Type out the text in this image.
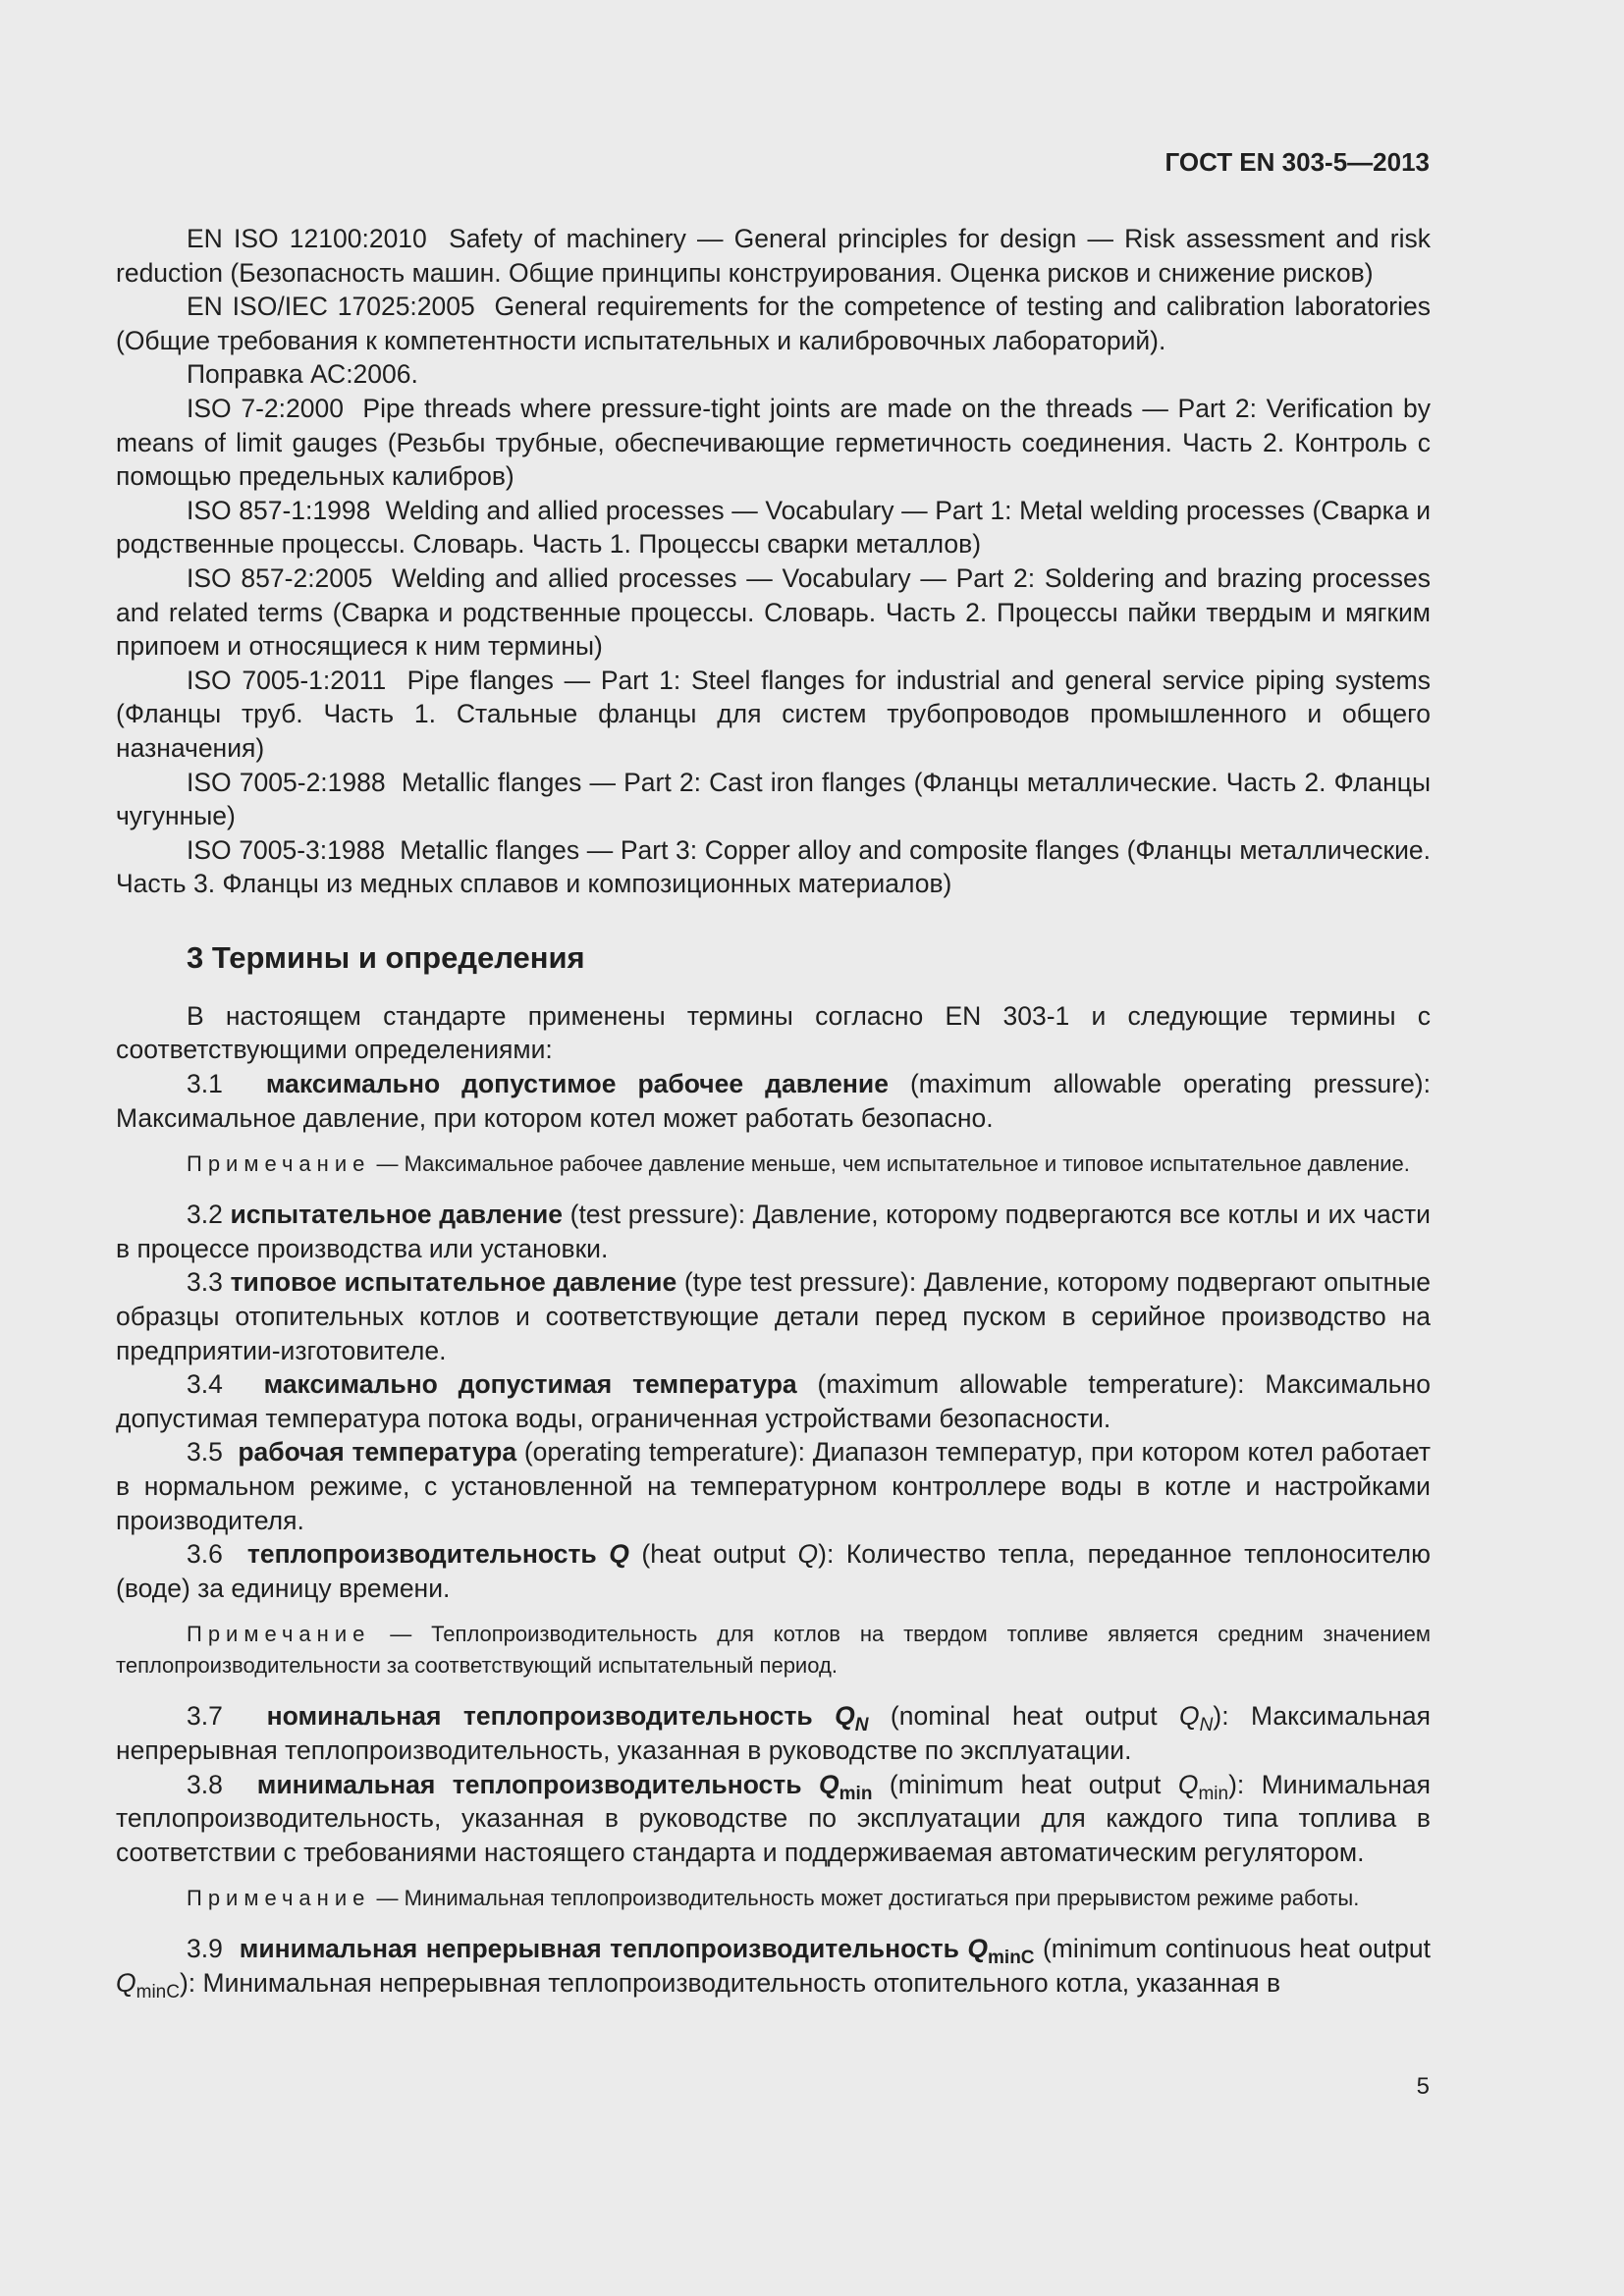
ГОСТ EN 303-5—2013

EN ISO 12100:2010 Safety of machinery — General principles for design — Risk assessment and risk reduction (Безопасность машин. Общие принципы конструирования. Оценка рисков и снижение рисков)

EN ISO/IEC 17025:2005 General requirements for the competence of testing and calibration laboratories (Общие требования к компетентности испытательных и калибровочных лабораторий).

Поправка АС:2006.

ISO 7-2:2000 Pipe threads where pressure-tight joints are made on the threads — Part 2: Verification by means of limit gauges (Резьбы трубные, обеспечивающие герметичность соединения. Часть 2. Контроль с помощью предельных калибров)

ISO 857-1:1998 Welding and allied processes — Vocabulary — Part 1: Metal welding processes (Сварка и родственные процессы. Словарь. Часть 1. Процессы сварки металлов)

ISO 857-2:2005 Welding and allied processes — Vocabulary — Part 2: Soldering and brazing processes and related terms (Сварка и родственные процессы. Словарь. Часть 2. Процессы пайки твердым и мягким припоем и относящиеся к ним термины)

ISO 7005-1:2011 Pipe flanges — Part 1: Steel flanges for industrial and general service piping systems (Фланцы труб. Часть 1. Стальные фланцы для систем трубопроводов промышленного и общего назначения)

ISO 7005-2:1988 Metallic flanges — Part 2: Cast iron flanges (Фланцы металлические. Часть 2. Фланцы чугунные)

ISO 7005-3:1988 Metallic flanges — Part 3: Copper alloy and composite flanges (Фланцы металлические. Часть 3. Фланцы из медных сплавов и композиционных материалов)

3 Термины и определения

В настоящем стандарте применены термины согласно EN 303-1 и следующие термины с соответствующими определениями:

3.1 максимально допустимое рабочее давление (maximum allowable operating pressure): Максимальное давление, при котором котел может работать безопасно.

Примечание — Максимальное рабочее давление меньше, чем испытательное и типовое испытательное давление.

3.2 испытательное давление (test pressure): Давление, которому подвергаются все котлы и их части в процессе производства или установки.

3.3 типовое испытательное давление (type test pressure): Давление, которому подвергают опытные образцы отопительных котлов и соответствующие детали перед пуском в серийное производство на предприятии-изготовителе.

3.4 максимально допустимая температура (maximum allowable temperature): Максимально допустимая температура потока воды, ограниченная устройствами безопасности.

3.5 рабочая температура (operating temperature): Диапазон температур, при котором котел работает в нормальном режиме, с установленной на температурном контроллере воды в котле и настройками производителя.

3.6 теплопроизводительность Q (heat output Q): Количество тепла, переданное теплоносителю (воде) за единицу времени.

Примечание — Теплопроизводительность для котлов на твердом топливе является средним значением теплопроизводительности за соответствующий испытательный период.

3.7 номинальная теплопроизводительность $Q_N$ (nominal heat output $Q_N$): Максимальная непрерывная теплопроизводительность, указанная в руководстве по эксплуатации.

3.8 минимальная теплопроизводительность $Q_{min}$ (minimum heat output $Q_{min}$): Минимальная теплопроизводительность, указанная в руководстве по эксплуатации для каждого типа топлива в соответствии с требованиями настоящего стандарта и поддерживаемая автоматическим регулятором.

Примечание — Минимальная теплопроизводительность может достигаться при прерывистом режиме работы.

3.9 минимальная непрерывная теплопроизводительность $Q_{minC}$ (minimum continuous heat output $Q_{minC}$): Минимальная непрерывная теплопроизводительность отопительного котла, указанная в

5
